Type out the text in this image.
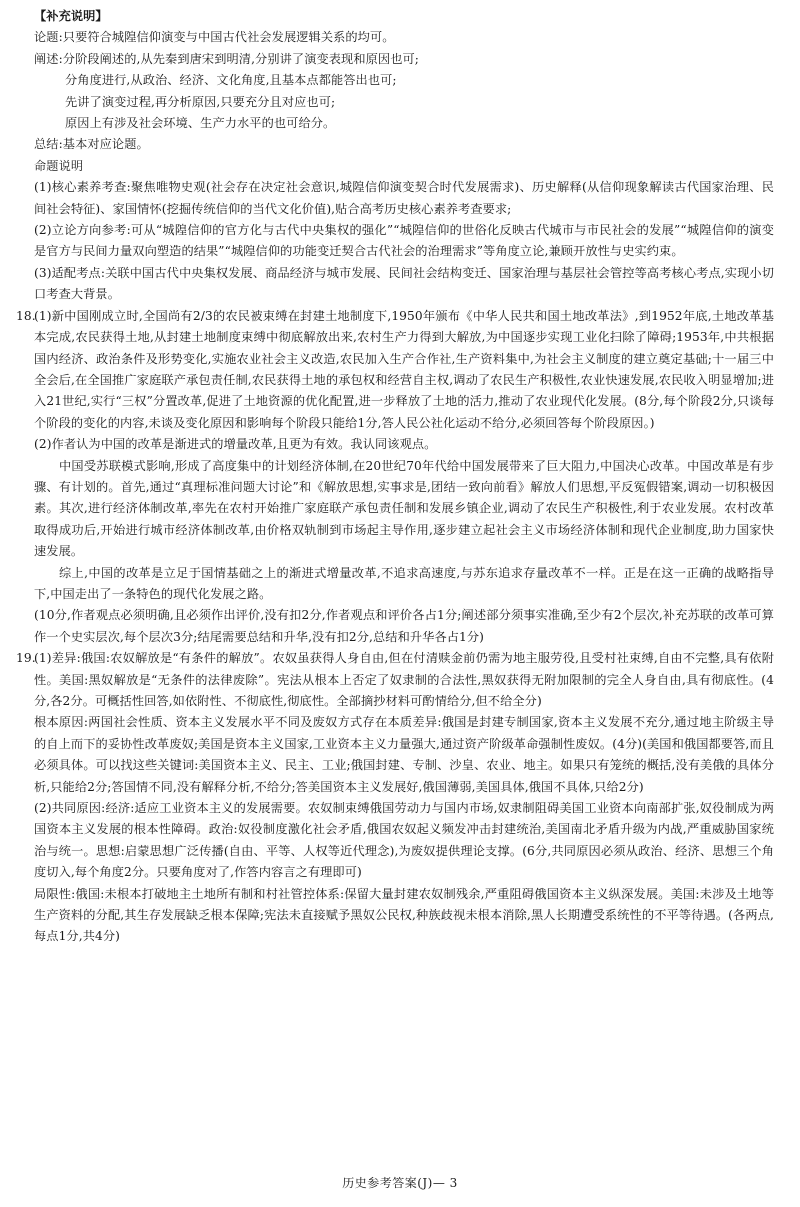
【补充说明】

论题:只要符合城隍信仰演变与中国古代社会发展逻辑关系的均可。

阐述:分阶段阐述的,从先秦到唐宋到明清,分别讲了演变表现和原因也可;

分角度进行,从政治、经济、文化角度,且基本点都能答出也可;

先讲了演变过程,再分析原因,只要充分且对应也可;

原因上有涉及社会环境、生产力水平的也可给分。

总结:基本对应论题。

命题说明

(1)核心素养考查:聚焦唯物史观(社会存在决定社会意识,城隍信仰演变契合时代发展需求)、历史解释(从信仰现象解读古代国家治理、民间社会特征)、家国情怀(挖掘传统信仰的当代文化价值),贴合高考历史核心素养考查要求;

(2)立论方向参考:可从“城隍信仰的官方化与古代中央集权的强化”“城隍信仰的世俗化反映古代城市与市民社会的发展”“城隍信仰的演变是官方与民间力量双向塑造的结果”“城隍信仰的功能变迁契合古代社会的治理需求”等角度立论,兼顾开放性与史实约束。

(3)适配考点:关联中国古代中央集权发展、商品经济与城市发展、民间社会结构变迁、国家治理与基层社会管控等高考核心考点,实现小切口考查大背景。

18.(1)新中国刚成立时,全国尚有2/3的农民被束缚在封建土地制度下,1950年颁布《中华人民共和国土地改革法》,到1952年底,土地改革基本完成,农民获得土地,从封建土地制度束缚中彻底解放出来,农村生产力得到大解放,为中国逐步实现工业化扫除了障碍;1953年,中共根据国内经济、政治条件及形势变化,实施农业社会主义改造,农民加入生产合作社,生产资料集中,为社会主义制度的建立奠定基础;十一届三中全会后,在全国推广家庭联产承包责任制,农民获得土地的承包权和经营自主权,调动了农民生产积极性,农业快速发展,农民收入明显增加;进入21世纪,实行“三权”分置改革,促进了土地资源的优化配置,进一步释放了土地的活力,推动了农业现代化发展。(8分,每个阶段2分,只谈每个阶段的变化的内容,未谈及变化原因和影响每个阶段只能给1分,答人民公社化运动不给分,必须回答每个阶段原因。)

(2)作者认为中国的改革是渐进式的增量改革,且更为有效。我认同该观点。

中国受苏联模式影响,形成了高度集中的计划经济体制,在20世纪70年代给中国发展带来了巨大阻力,中国决心改革。中国改革是有步骤、有计划的。首先,通过“真理标准问题大讨论”和《解放思想,实事求是,团结一致向前看》解放人们思想,平反冤假错案,调动一切积极因素。其次,进行经济体制改革,率先在农村开始推广家庭联产承包责任制和发展乡镇企业,调动了农民生产积极性,利于农业发展。农村改革取得成功后,开始进行城市经济体制改革,由价格双轨制到市场起主导作用,逐步建立起社会主义市场经济体制和现代企业制度,助力国家快速发展。

综上,中国的改革是立足于国情基础之上的渐进式增量改革,不追求高速度,与苏东追求存量改革不一样。正是在这一正确的战略指导下,中国走出了一条特色的现代化发展之路。

(10分,作者观点必须明确,且必须作出评价,没有扣2分,作者观点和评价各占1分;阐述部分须事实准确,至少有2个层次,补充苏联的改革可算作一个史实层次,每个层次3分;结尾需要总结和升华,没有扣2分,总结和升华各占1分)

19.(1)差异:俄国:农奴解放是“有条件的解放”。农奴虽获得人身自由,但在付清赎金前仍需为地主服劳役,且受村社束缚,自由不完整,具有依附性。美国:黑奴解放是“无条件的法律废除”。宪法从根本上否定了奴隶制的合法性,黑奴获得无附加限制的完全人身自由,具有彻底性。(4分,各2分。可概括性回答,如依附性、不彻底性,彻底性。全部摘抄材料可酌情给分,但不给全分)

根本原因:两国社会性质、资本主义发展水平不同及废奴方式存在本质差异:俄国是封建专制国家,资本主义发展不充分,通过地主阶级主导的自上而下的妥协性改革废奴;美国是资本主义国家,工业资本主义力量强大,通过资产阶级革命强制性废奴。(4分)(美国和俄国都要答,而且必须具体。可以找这些关键词:美国资本主义、民主、工业;俄国封建、专制、沙皇、农业、地主。如果只有笼统的概括,没有美俄的具体分析,只能给2分;答国情不同,没有解释分析,不给分;答美国资本主义发展好,俄国薄弱,美国具体,俄国不具体,只给2分)

(2)共同原因:经济:适应工业资本主义的发展需要。农奴制束缚俄国劳动力与国内市场,奴隶制阻碍美国工业资本向南部扩张,奴役制成为两国资本主义发展的根本性障碍。政治:奴役制度激化社会矛盾,俄国农奴起义频发冲击封建统治,美国南北矛盾升级为内战,严重威胁国家统治与统一。思想:启蒙思想广泛传播(自由、平等、人权等近代理念),为废奴提供理论支撑。(6分,共同原因必须从政治、经济、思想三个角度切入,每个角度2分。只要角度对了,作答内容言之有理即可)

局限性:俄国:未根本打破地主土地所有制和村社管控体系:保留大量封建农奴制残余,严重阻碍俄国资本主义纵深发展。美国:未涉及土地等生产资料的分配,其生存发展缺乏根本保障;宪法未直接赋予黑奴公民权,种族歧视未根本消除,黑人长期遭受系统性的不平等待遇。(各两点,每点1分,共4分)

历史参考答案(J)— 3
